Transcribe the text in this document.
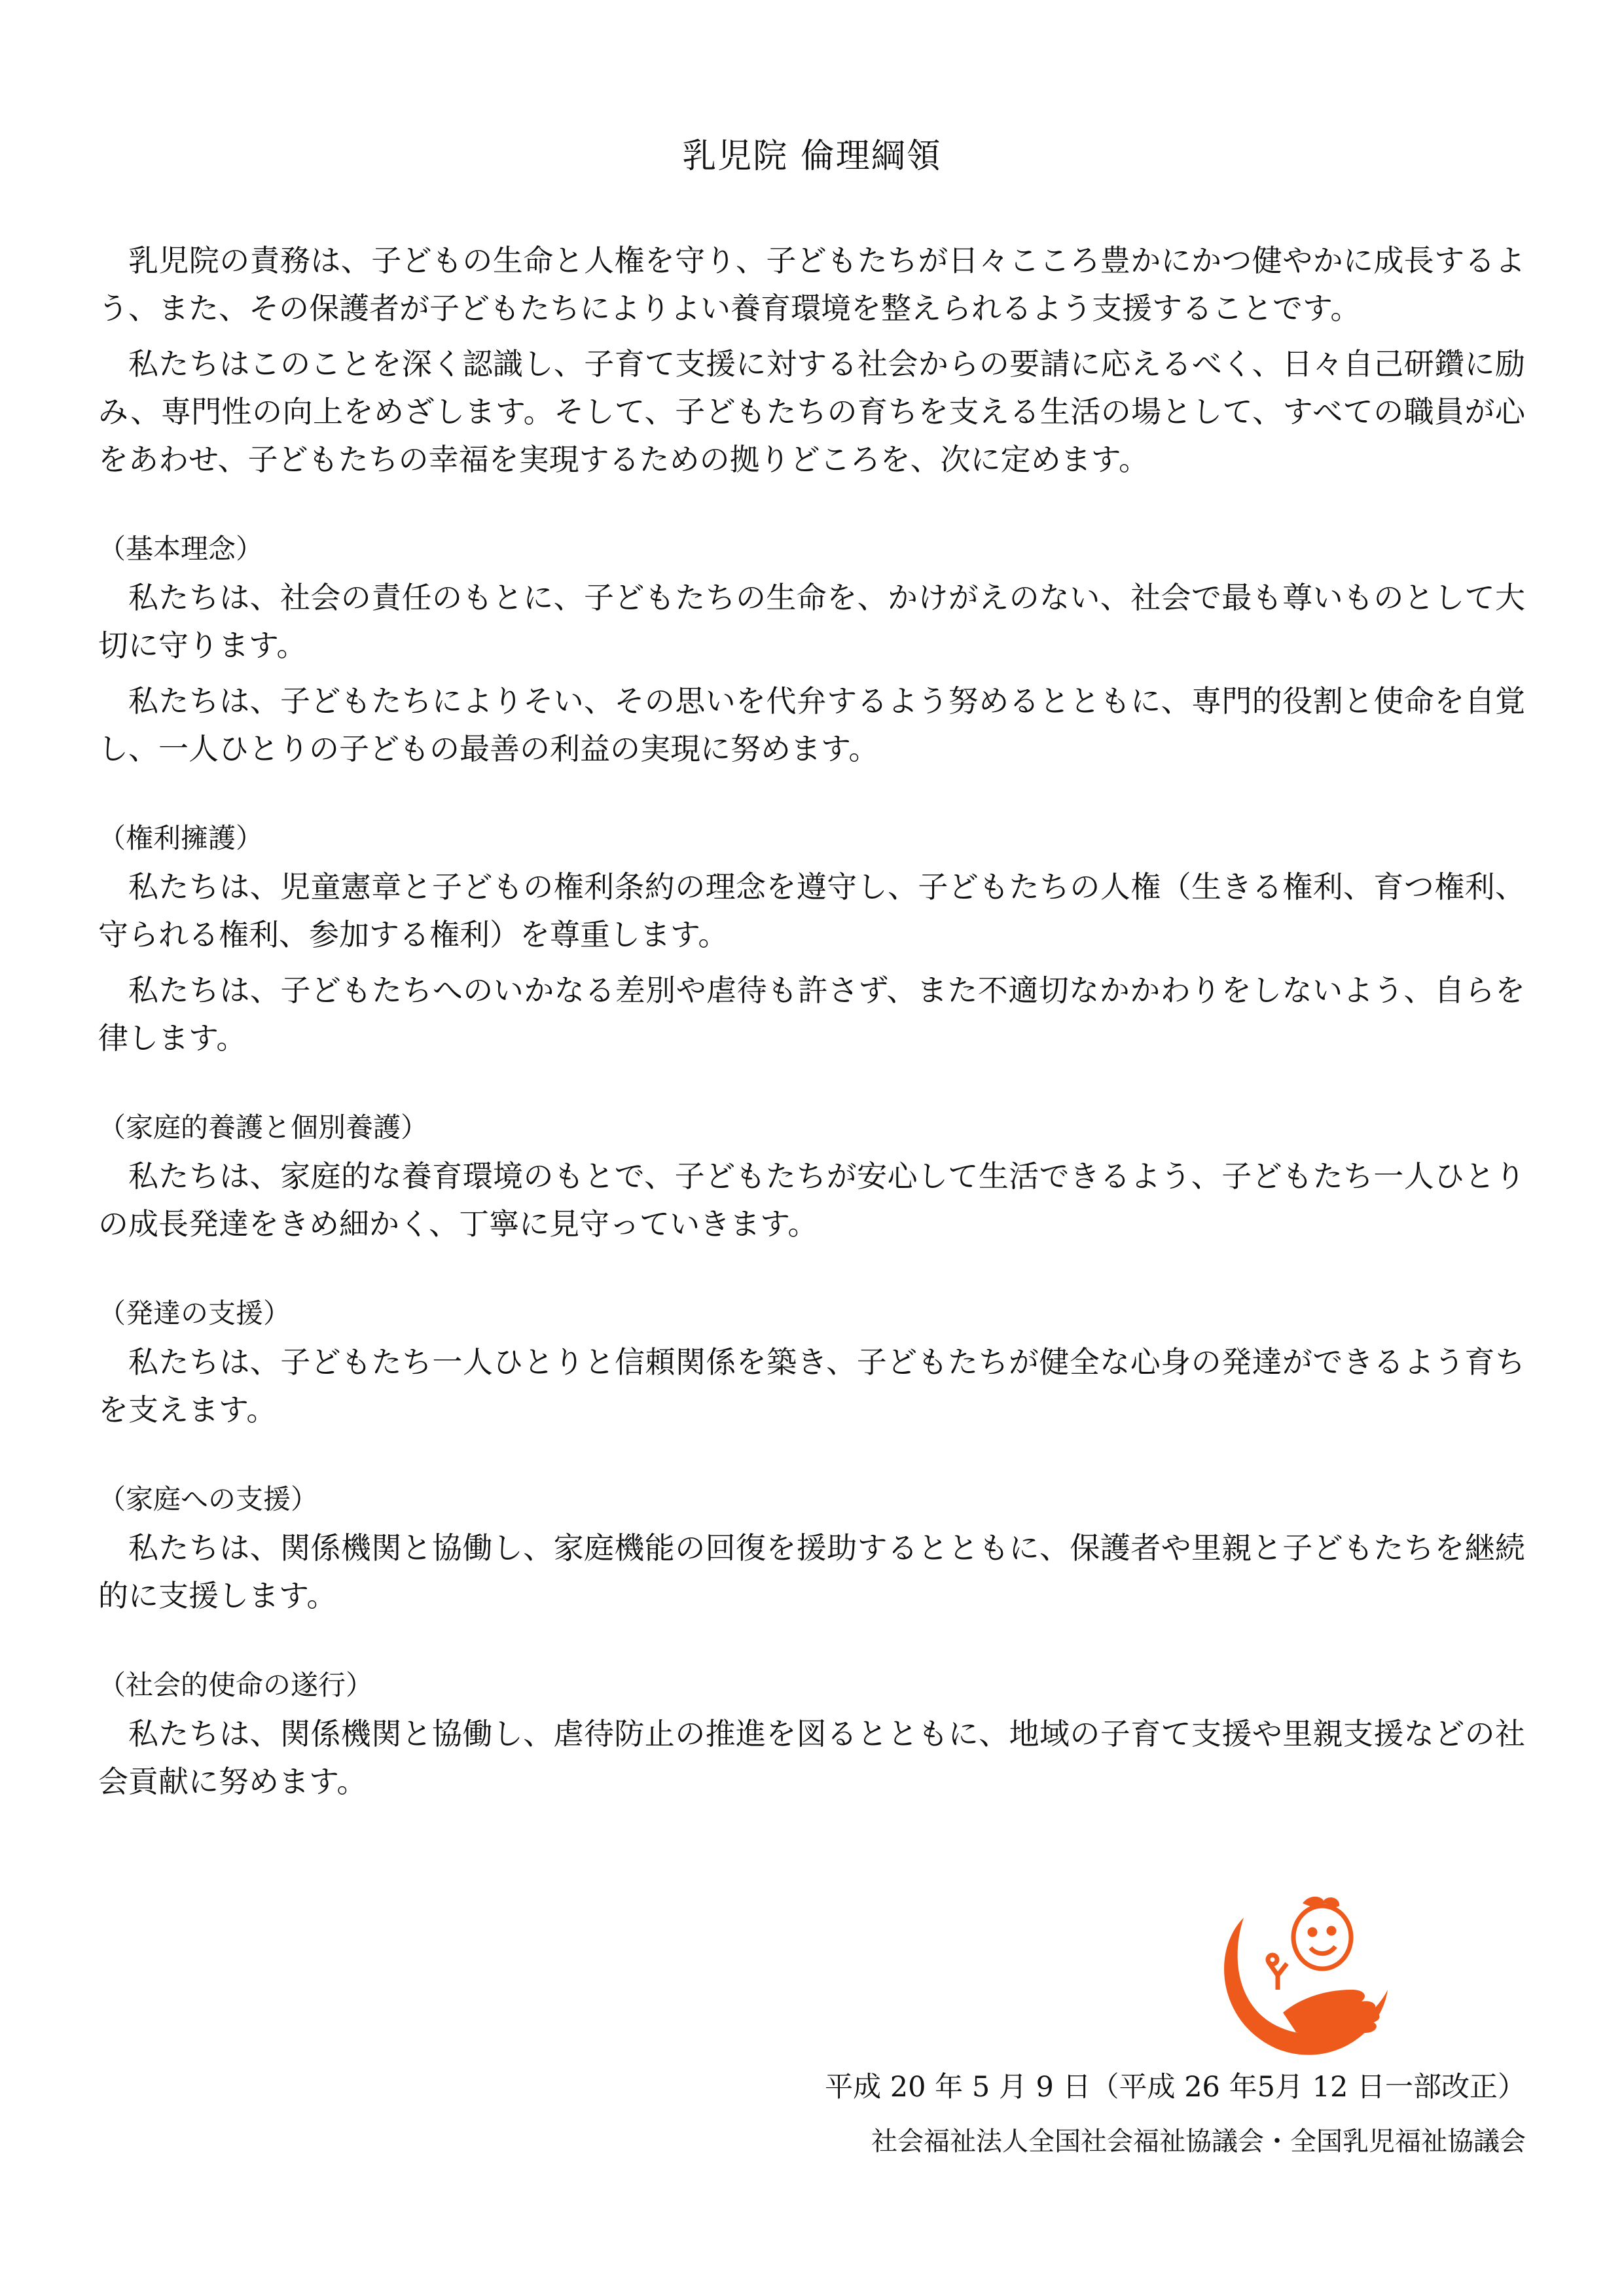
乳児院 倫理綱領

乳児院の責務は、子どもの生命と人権を守り、子どもたちが日々こころ豊かにかつ健やかに成長するよう、また、その保護者が子どもたちによりよい養育環境を整えられるよう支援することです。

私たちはこのことを深く認識し、子育て支援に対する社会からの要請に応えるべく、日々自己研鑽に励み、専門性の向上をめざします。そして、子どもたちの育ちを支える生活の場として、すべての職員が心をあわせ、子どもたちの幸福を実現するための拠りどころを、次に定めます。

（基本理念）

私たちは、社会の責任のもとに、子どもたちの生命を、かけがえのない、社会で最も尊いものとして大切に守ります。

私たちは、子どもたちによりそい、その思いを代弁するよう努めるとともに、専門的役割と使命を自覚し、一人ひとりの子どもの最善の利益の実現に努めます。

（権利擁護）

私たちは、児童憲章と子どもの権利条約の理念を遵守し、子どもたちの人権（生きる権利、育つ権利、守られる権利、参加する権利）を尊重します。

私たちは、子どもたちへのいかなる差別や虐待も許さず、また不適切なかかわりをしないよう、自らを律します。

（家庭的養護と個別養護）

私たちは、家庭的な養育環境のもとで、子どもたちが安心して生活できるよう、子どもたち一人ひとりの成長発達をきめ細かく、丁寧に見守っていきます。

（発達の支援）

私たちは、子どもたち一人ひとりと信頼関係を築き、子どもたちが健全な心身の発達ができるよう育ちを支えます。

（家庭への支援）

私たちは、関係機関と協働し、家庭機能の回復を援助するとともに、保護者や里親と子どもたちを継続的に支援します。

（社会的使命の遂行）

私たちは、関係機関と協働し、虐待防止の推進を図るとともに、地域の子育て支援や里親支援などの社会貢献に努めます。

平成 20 年 5 月 9 日（平成 26 年5月 12 日一部改正）
社会福祉法人全国社会福祉協議会・全国乳児福祉協議会
